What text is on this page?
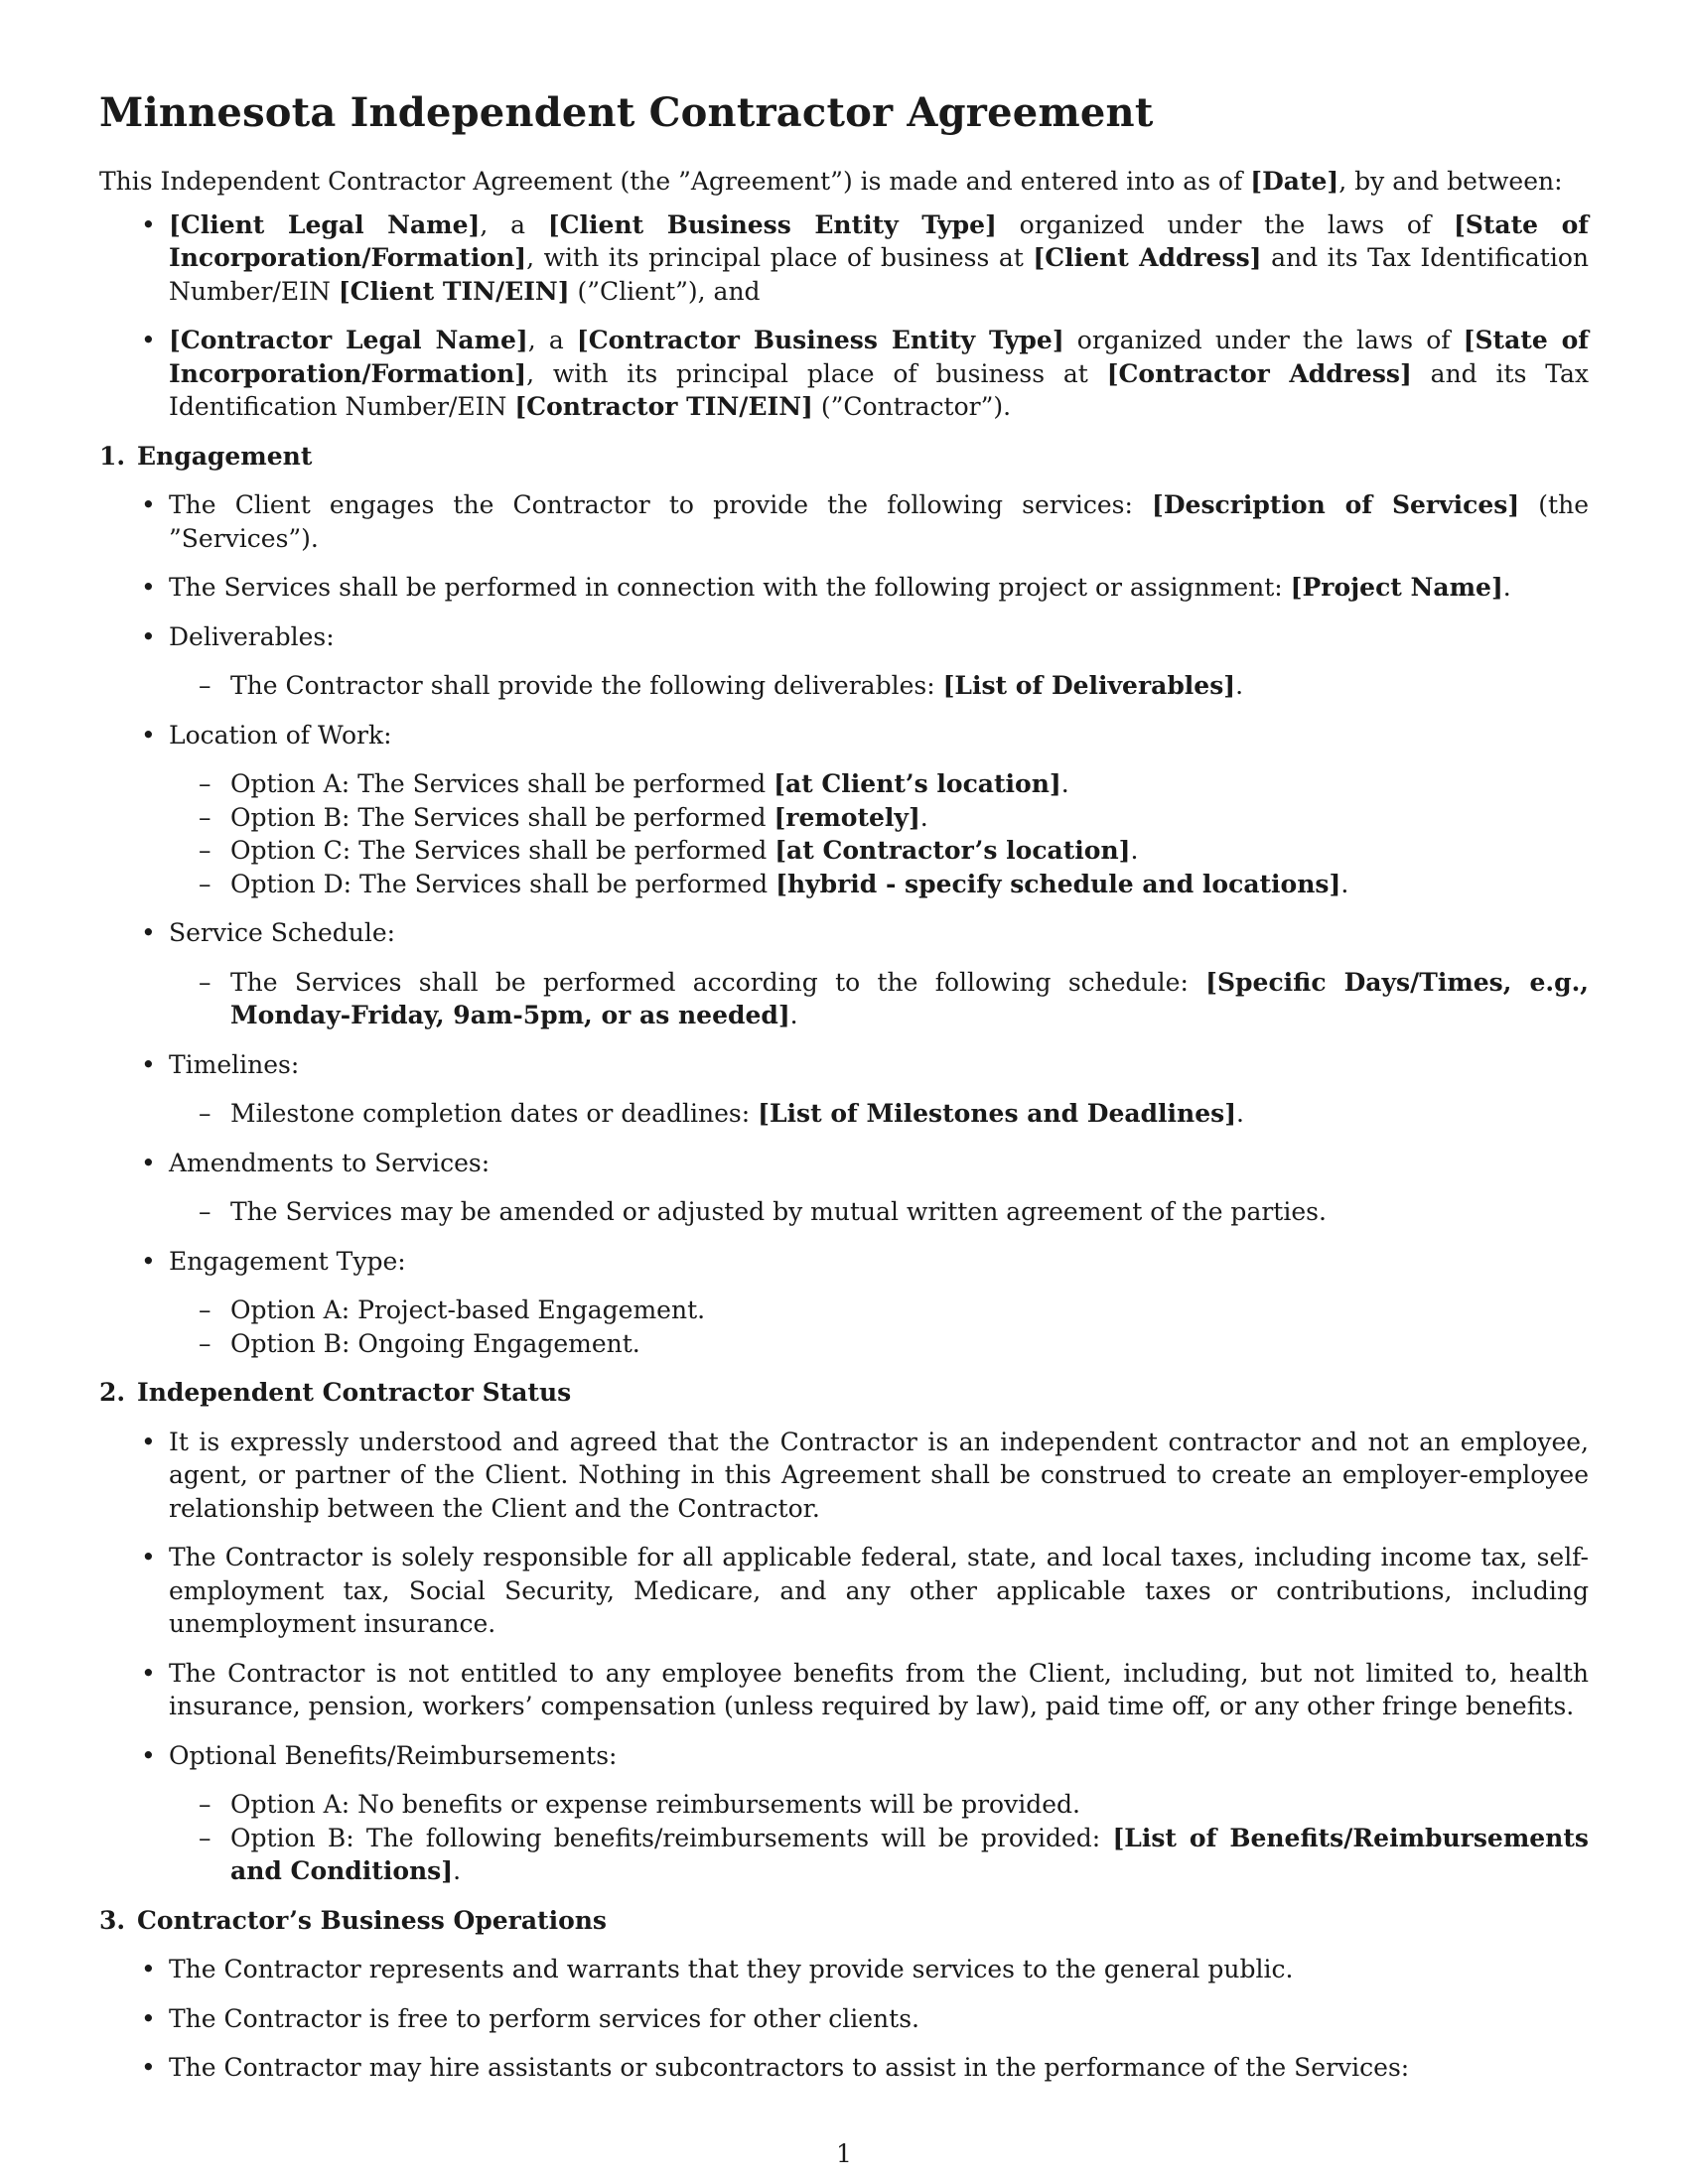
Minnesota Independent Contractor Agreement

This Independent Contractor Agreement (the ”Agreement”) is made and entered into as of [Date], by and between:

• [Client Legal Name], a [Client Business Entity Type] organized under the laws of [State of Incorporation/Formation], with its principal place of business at [Client Address] and its Tax Identification Number/EIN [Client TIN/EIN] (”Client”), and
• [Contractor Legal Name], a [Contractor Business Entity Type] organized under the laws of [State of Incorporation/Formation], with its principal place of business at [Contractor Address] and its Tax Identification Number/EIN [Contractor TIN/EIN] (”Contractor”).
1. Engagement
• The Client engages the Contractor to provide the following services: [Description of Services] (the ”Services”).
• The Services shall be performed in connection with the following project or assignment: [Project Name].
• Deliverables:
– The Contractor shall provide the following deliverables: [List of Deliverables].
• Location of Work:
– Option A: The Services shall be performed [at Client’s location].
– Option B: The Services shall be performed [remotely].
– Option C: The Services shall be performed [at Contractor’s location].
– Option D: The Services shall be performed [hybrid - specify schedule and locations].
• Service Schedule:
– The Services shall be performed according to the following schedule: [Specific Days/Times, e.g., Monday-Friday, 9am-5pm, or as needed].
• Timelines:
– Milestone completion dates or deadlines: [List of Milestones and Deadlines].
• Amendments to Services:
– The Services may be amended or adjusted by mutual written agreement of the parties.
• Engagement Type:
– Option A: Project-based Engagement.
– Option B: Ongoing Engagement.
2. Independent Contractor Status
• It is expressly understood and agreed that the Contractor is an independent contractor and not an employee, agent, or partner of the Client. Nothing in this Agreement shall be construed to create an employer-employee relationship between the Client and the Contractor.
• The Contractor is solely responsible for all applicable federal, state, and local taxes, including income tax, self-employment tax, Social Security, Medicare, and any other applicable taxes or contributions, including unemployment insurance.
• The Contractor is not entitled to any employee benefits from the Client, including, but not limited to, health insurance, pension, workers’ compensation (unless required by law), paid time off, or any other fringe benefits.
• Optional Benefits/Reimbursements:
– Option A: No benefits or expense reimbursements will be provided.
– Option B: The following benefits/reimbursements will be provided: [List of Benefits/Reimbursements and Conditions].
3. Contractor’s Business Operations
• The Contractor represents and warrants that they provide services to the general public.
• The Contractor is free to perform services for other clients.
• The Contractor may hire assistants or subcontractors to assist in the performance of the Services:
1
